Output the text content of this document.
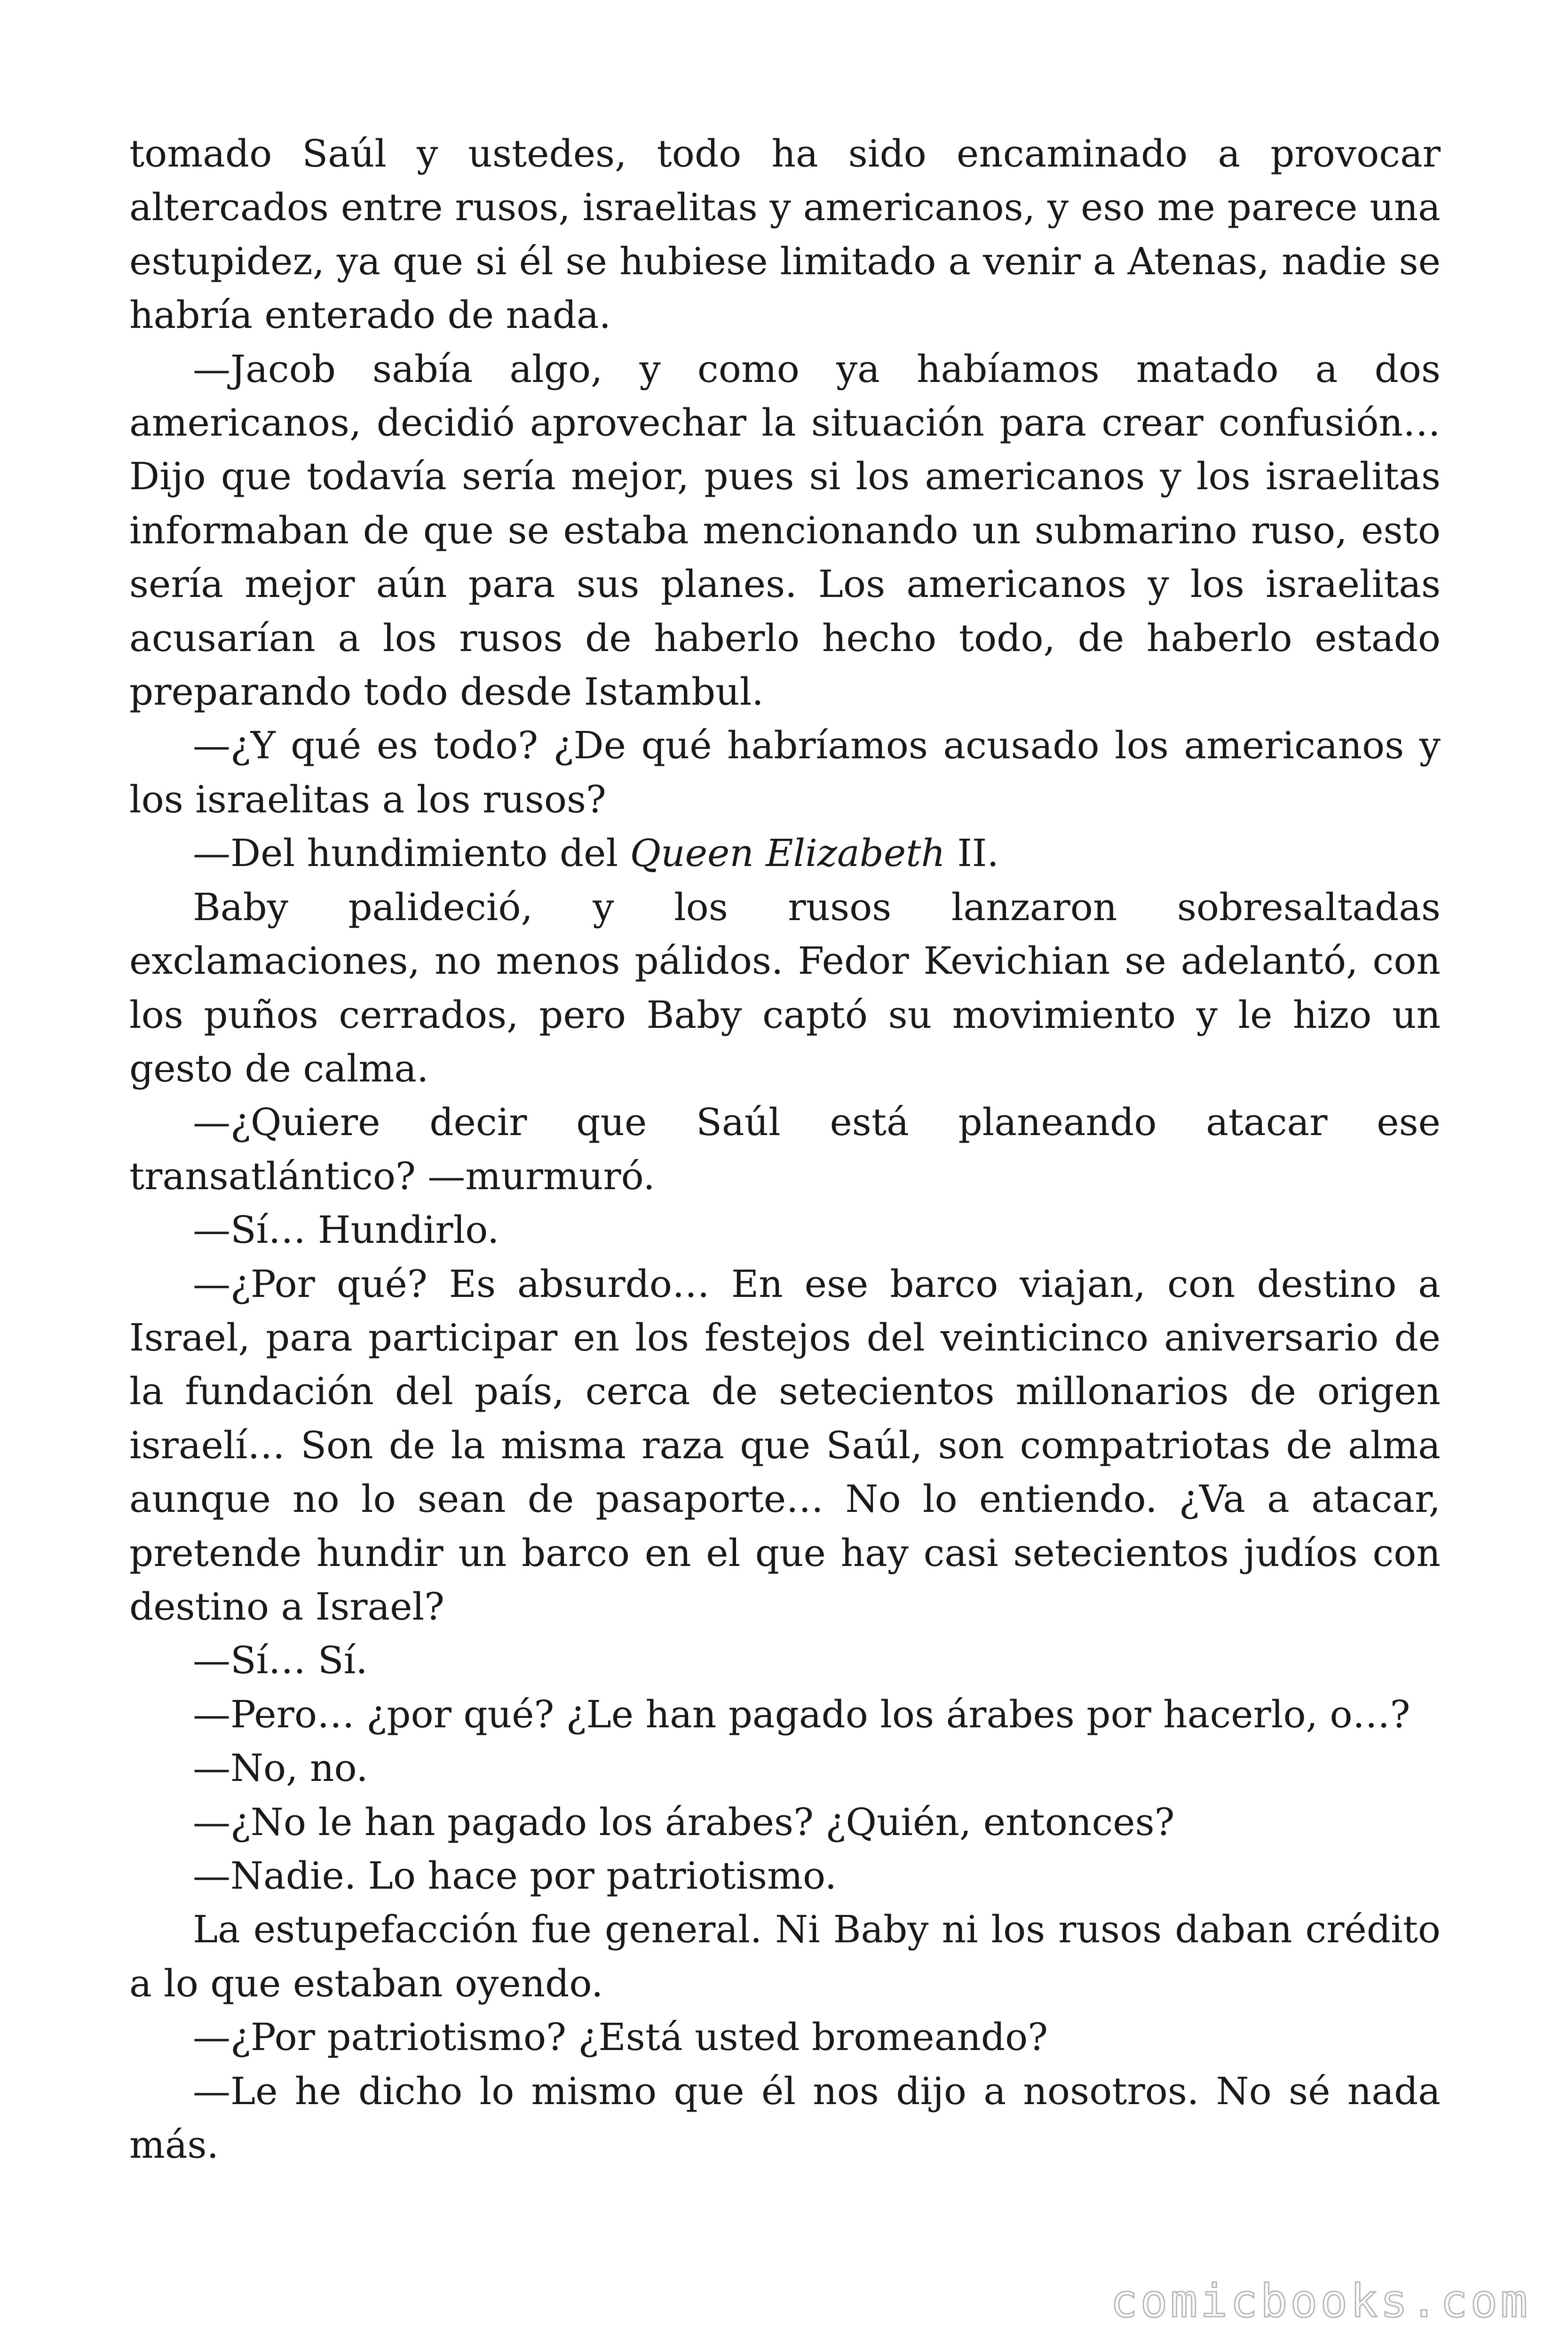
tomado Saúl y ustedes, todo ha sido encaminado a provocar altercados entre rusos, israelitas y americanos, y eso me parece una estupidez, ya que si él se hubiese limitado a venir a Atenas, nadie se habría enterado de nada.

—Jacob sabía algo, y como ya habíamos matado a dos americanos, decidió aprovechar la situación para crear confusión… Dijo que todavía sería mejor, pues si los americanos y los israelitas informaban de que se estaba mencionando un submarino ruso, esto sería mejor aún para sus planes. Los americanos y los israelitas acusarían a los rusos de haberlo hecho todo, de haberlo estado preparando todo desde Istambul.

—¿Y qué es todo? ¿De qué habríamos acusado los americanos y los israelitas a los rusos?

—Del hundimiento del Queen Elizabeth II.

Baby palideció, y los rusos lanzaron sobresaltadas exclamaciones, no menos pálidos. Fedor Kevichian se adelantó, con los puños cerrados, pero Baby captó su movimiento y le hizo un gesto de calma.

—¿Quiere decir que Saúl está planeando atacar ese transatlántico? —murmuró.

—Sí… Hundirlo.

—¿Por qué? Es absurdo… En ese barco viajan, con destino a Israel, para participar en los festejos del veinticinco aniversario de la fundación del país, cerca de setecientos millonarios de origen israelí… Son de la misma raza que Saúl, son compatriotas de alma aunque no lo sean de pasaporte… No lo entiendo. ¿Va a atacar, pretende hundir un barco en el que hay casi setecientos judíos con destino a Israel?

—Sí… Sí.

—Pero… ¿por qué? ¿Le han pagado los árabes por hacerlo, o…?

—No, no.

—¿No le han pagado los árabes? ¿Quién, entonces?

—Nadie. Lo hace por patriotismo.

La estupefacción fue general. Ni Baby ni los rusos daban crédito a lo que estaban oyendo.

—¿Por patriotismo? ¿Está usted bromeando?

—Le he dicho lo mismo que él nos dijo a nosotros. No sé nada más.

comicbooks.com
